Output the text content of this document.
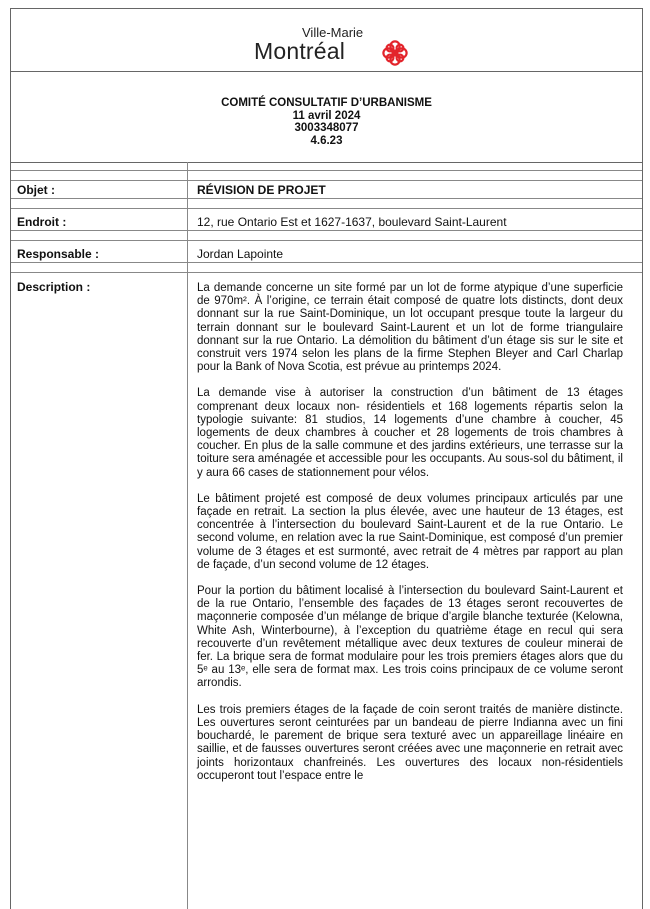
Ville-Marie
Montréal
COMITÉ CONSULTATIF D’URBANISME
11 avril 2024
3003348077
4.6.23
Objet :	RÉVISION DE PROJET
Endroit :	12, rue Ontario Est et 1627-1637, boulevard Saint-Laurent
Responsable :	Jordan Lapointe
Description :	La demande concerne un site formé par un lot de forme atypique d’une superficie de 970m². À l’origine, ce terrain était composé de quatre lots distincts, dont deux donnant sur la rue Saint-Dominique, un lot occupant presque toute la largeur du terrain donnant sur le boulevard Saint-Laurent et un lot de forme triangulaire donnant sur la rue Ontario. La démolition du bâtiment d’un étage sis sur le site et construit vers 1974 selon les plans de la firme Stephen Bleyer and Carl Charlap pour la Bank of Nova Scotia, est prévue au printemps 2024.

La demande vise à autoriser la construction d’un bâtiment de 13 étages comprenant deux locaux non- résidentiels et 168 logements répartis selon la typologie suivante: 81 studios, 14 logements d’une chambre à coucher, 45 logements de deux chambres à coucher et 28 logements de trois chambres à coucher. En plus de la salle commune et des jardins extérieurs, une terrasse sur la toiture sera aménagée et accessible pour les occupants. Au sous-sol du bâtiment, il y aura 66 cases de stationnement pour vélos.

Le bâtiment projeté est composé de deux volumes principaux articulés par une façade en retrait. La section la plus élevée, avec une hauteur de 13 étages, est concentrée à l’intersection du boulevard Saint-Laurent et de la rue Ontario. Le second volume, en relation avec la rue Saint-Dominique, est composé d’un premier volume de 3 étages et est surmonté, avec retrait de 4 mètres par rapport au plan de façade, d’un second volume de 12 étages.

Pour la portion du bâtiment localisé à l’intersection du boulevard Saint-Laurent et de la rue Ontario, l’ensemble des façades de 13 étages seront recouvertes de maçonnerie composée d’un mélange de brique d’argile blanche texturée (Kelowna, White Ash, Winterbourne), à l’exception du quatrième étage en recul qui sera recouverte d’un revêtement métallique avec deux textures de couleur minerai de fer. La brique sera de format modulaire pour les trois premiers étages alors que du 5ᵉ au 13ᵉ, elle sera de format max. Les trois coins principaux de ce volume seront arrondis.

Les trois premiers étages de la façade de coin seront traités de manière distincte. Les ouvertures seront ceinturées par un bandeau de pierre Indianna avec un fini bouchardé, le parement de brique sera texturé avec un appareillage linéaire en saillie, et de fausses ouvertures seront créées avec une maçonnerie en retrait avec joints horizontaux chanfreinés. Les ouvertures des locaux non-résidentiels occuperont tout l’espace entre le
